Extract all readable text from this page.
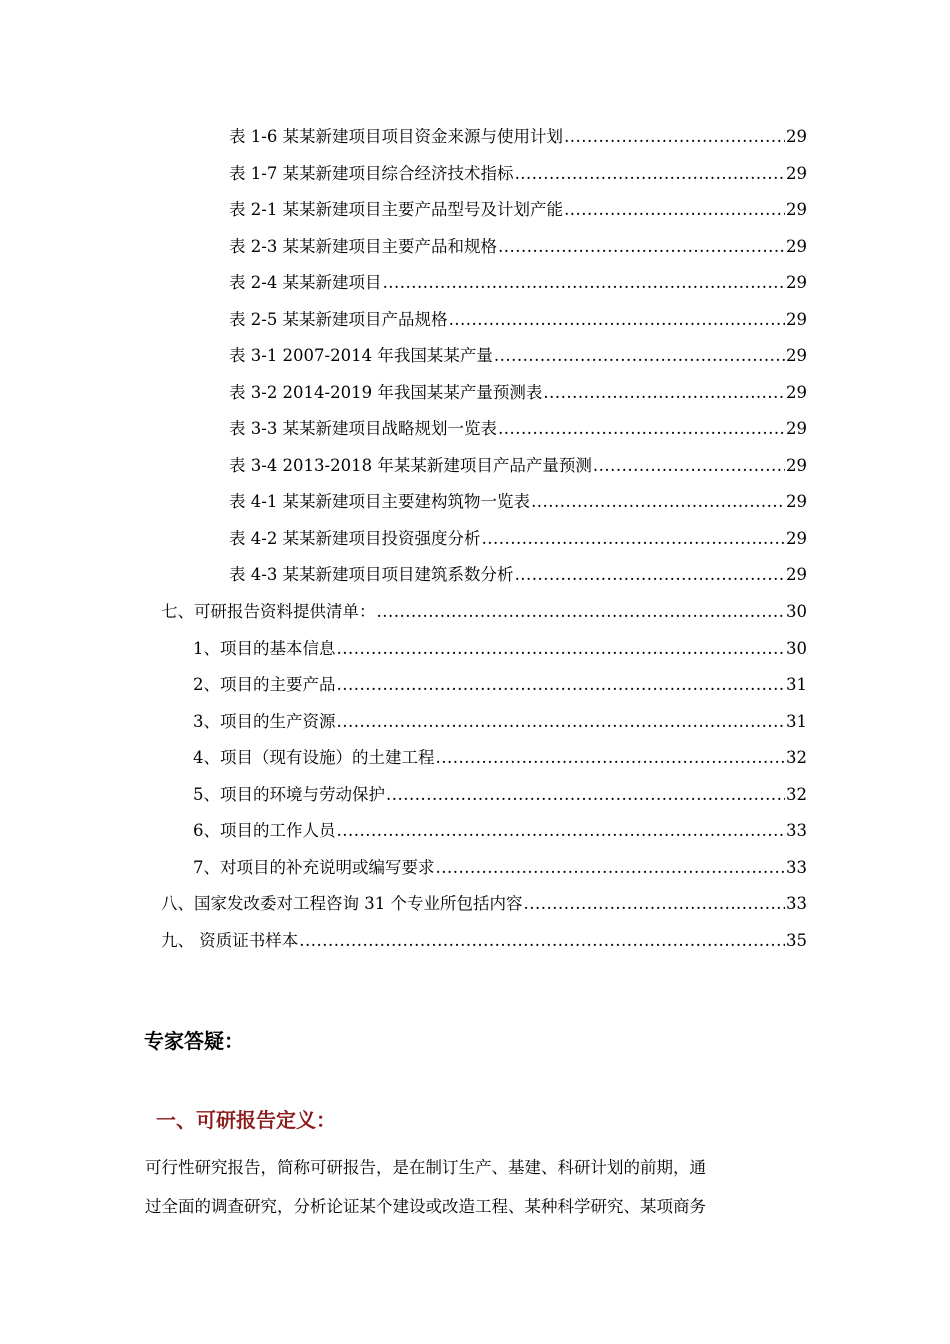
表 1-6 某某新建项目项目资金来源与使用计划 .....	29
表 1-7 某某新建项目综合经济技术指标 .....	29
表 2-1 某某新建项目主要产品型号及计划产能 .....	29
表 2-3 某某新建项目主要产品和规格 .....	29
表 2-4 某某新建项目 .....	29
表 2-5 某某新建项目产品规格 .....	29
表 3-1 2007-2014 年我国某某产量 .....	29
表 3-2 2014-2019 年我国某某产量预测表 .....	29
表 3-3 某某新建项目战略规划一览表 .....	29
表 3-4 2013-2018 年某某新建项目产品产量预测 .....	29
表 4-1 某某新建项目主要建构筑物一览表 .....	29
表 4-2 某某新建项目投资强度分析 .....	29
表 4-3 某某新建项目项目建筑系数分析 .....	29
七、可研报告资料提供清单： .....	30
1、项目的基本信息 .....	30
2、项目的主要产品 .....	31
3、项目的生产资源 .....	31
4、项目（现有设施）的土建工程 .....	32
5、项目的环境与劳动保护 .....	32
6、项目的工作人员 .....	33
7、对项目的补充说明或编写要求 .....	33
八、国家发改委对工程咨询 31 个专业所包括内容 .....	33
九、 资质证书样本 .....	35
专家答疑：
一、可研报告定义：
可行性研究报告，简称可研报告，是在制订生产、基建、科研计划的前期，通
过全面的调查研究，分析论证某个建设或改造工程、某种科学研究、某项商务
